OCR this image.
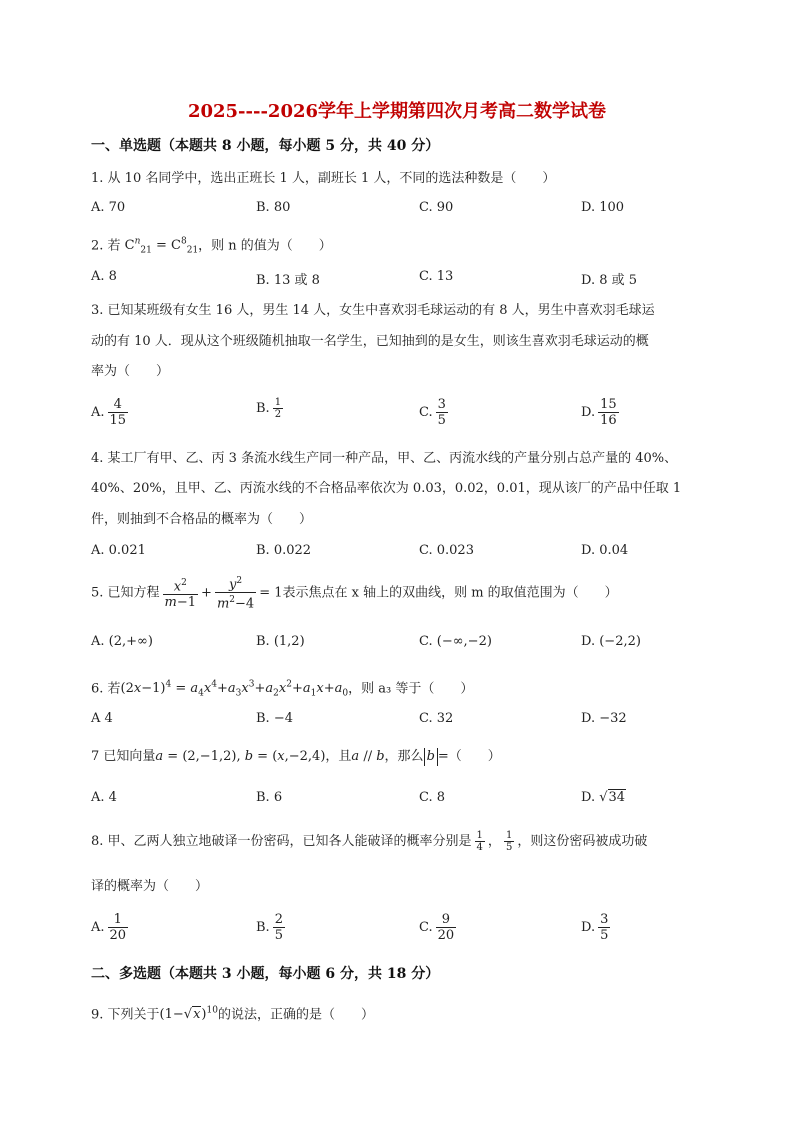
2025----2026学年上学期第四次月考高二数学试卷
一、单选题（本题共 8 小题，每小题 5 分，共 40 分）
1. 从 10 名同学中，选出正班长 1 人，副班长 1 人，不同的选法种数是（　　）
A. 70	B. 80	C. 90	D. 100
2. 若 $C^n_{21} = C^8_{21}$，则 n 的值为（　　）
A. 8	B. 13 或 8	C. 13	D. 8 或 5
3. 已知某班级有女生 16 人，男生 14 人，女生中喜欢羽毛球运动的有 8 人，男生中喜欢羽毛球运
动的有 10 人．现从这个班级随机抽取一名学生，已知抽到的是女生，则该生喜欢羽毛球运动的概
率为（　　）
A. $\frac{4}{15}$	B. $\frac{1}{2}$	C. $\frac{3}{5}$	D. $\frac{15}{16}$
4. 某工厂有甲、乙、丙 3 条流水线生产同一种产品，甲、乙、丙流水线的产量分别占总产量的 40%、
40%、20%，且甲、乙、丙流水线的不合格品率依次为 0.03，0.02，0.01，现从该厂的产品中任取 1
件，则抽到不合格品的概率为（　　）
A. 0.021	B. 0.022	C. 0.023	D. 0.04
5. 已知方程 $\frac{x^2}{m-1} + \frac{y^2}{m^2-4} = 1$表示焦点在 x 轴上的双曲线，则 m 的取值范围为（　　）
A. (2,+∞)	B. (1,2)	C. (−∞,−2)	D. (−2,2)
6. 若$(2x-1)^4 = a_4x^4+a_3x^3+a_2x^2+a_1x+a_0$，则 a₃ 等于（　　）
A 4	B. −4	C. 32	D. −32
7 已知向量a = (2,−1,2), b = (x,−2,4)，且a // b，那么 b =（　　）
A. 4	B. 6	C. 8	D. √34
8. 甲、乙两人独立地破译一份密码，已知各人能破译的概率分别是 $\frac{1}{4}$ ， $\frac{1}{5}$ ，则这份密码被成功破
译的概率为（　　）
A. $\frac{1}{20}$	B. $\frac{2}{5}$	C. $\frac{9}{20}$	D. $\frac{3}{5}$
二、多选题（本题共 3 小题，每小题 6 分，共 18 分）
9. 下列关于$(1-√x)^{10}$的说法，正确的是（　　）
